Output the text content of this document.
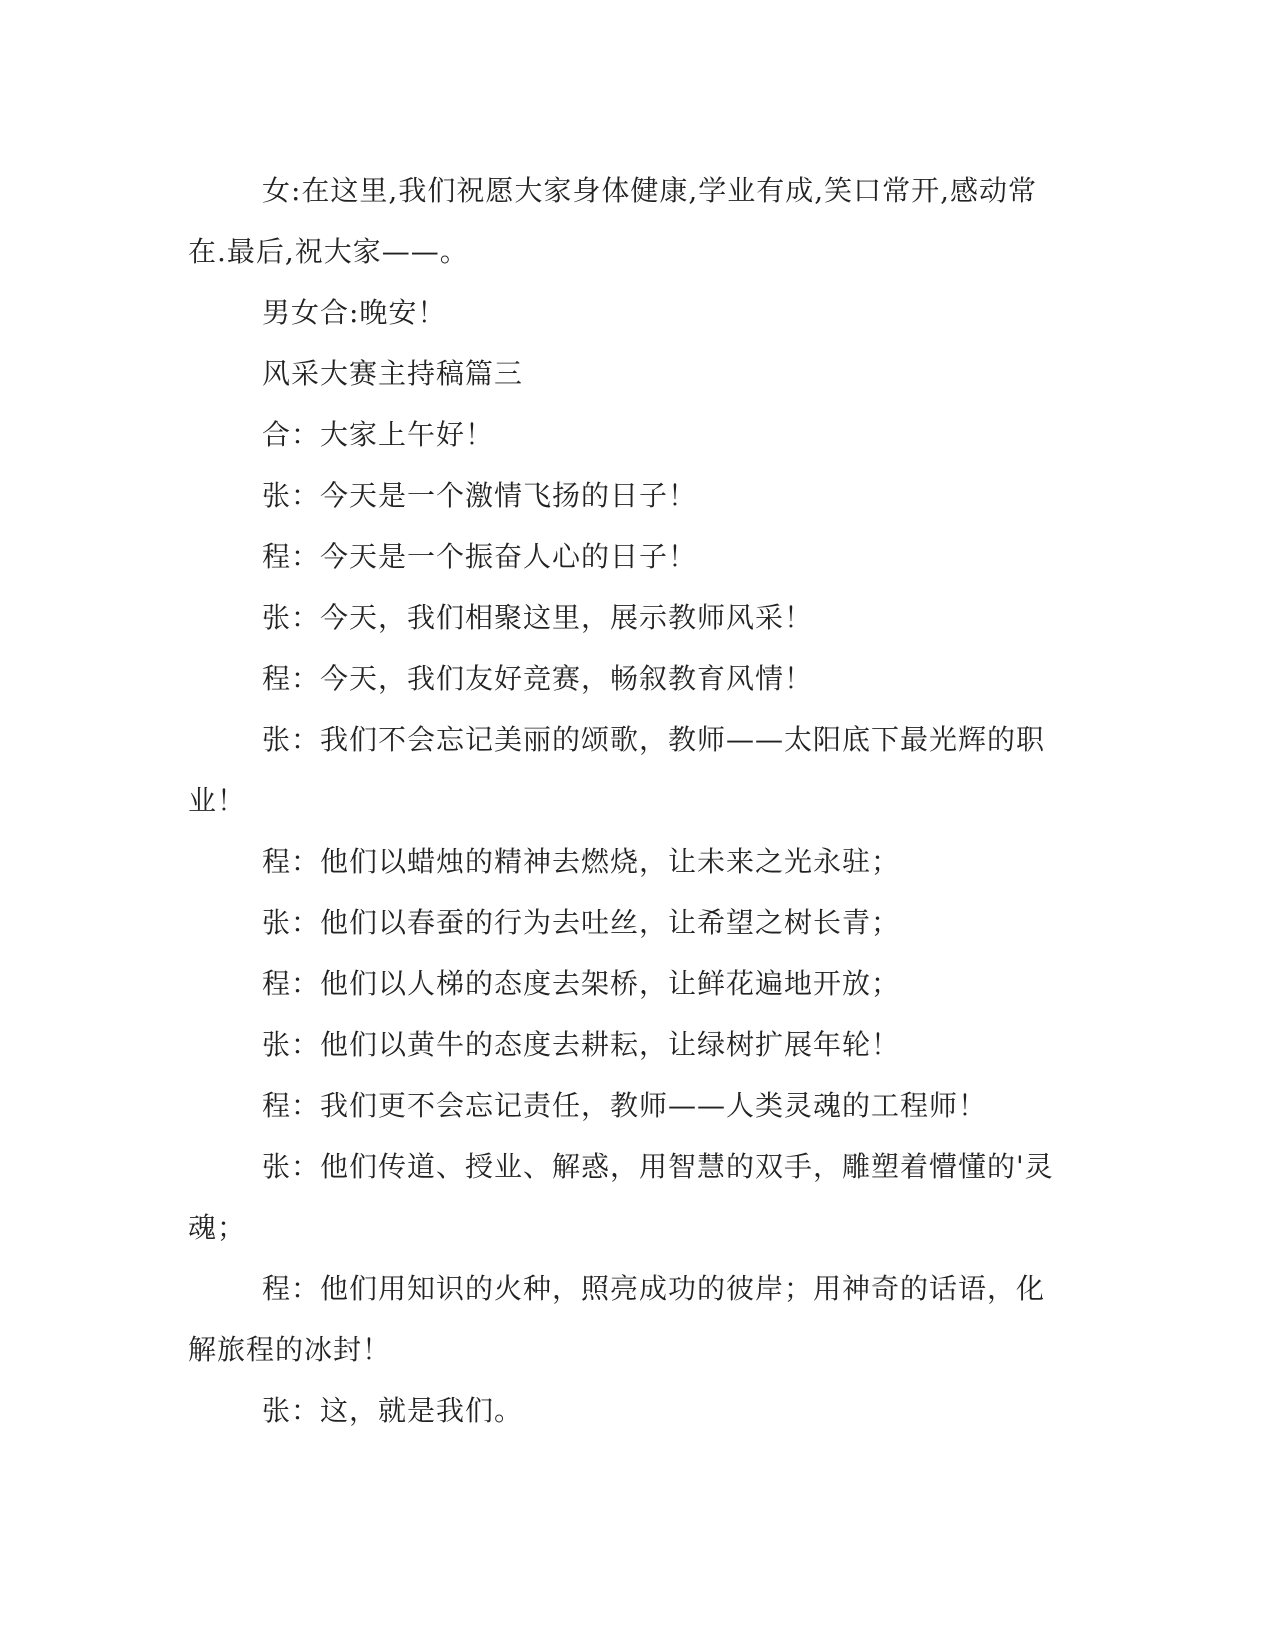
女:在这里,我们祝愿大家身体健康,学业有成,笑口常开,感动常在.最后,祝大家——。

男女合:晚安！

风采大赛主持稿篇三

合：大家上午好！

张：今天是一个激情飞扬的日子！

程：今天是一个振奋人心的日子！

张：今天，我们相聚这里，展示教师风采！

程：今天，我们友好竞赛，畅叙教育风情！

张：我们不会忘记美丽的颂歌，教师——太阳底下最光辉的职业！

程：他们以蜡烛的精神去燃烧，让未来之光永驻；

张：他们以春蚕的行为去吐丝，让希望之树长青；

程：他们以人梯的态度去架桥，让鲜花遍地开放；

张：他们以黄牛的态度去耕耘，让绿树扩展年轮！

程：我们更不会忘记责任，教师——人类灵魂的工程师！

张：他们传道、授业、解惑，用智慧的双手，雕塑着懵懂的'灵魂；

程：他们用知识的火种，照亮成功的彼岸；用神奇的话语，化解旅程的冰封！

张：这，就是我们。
